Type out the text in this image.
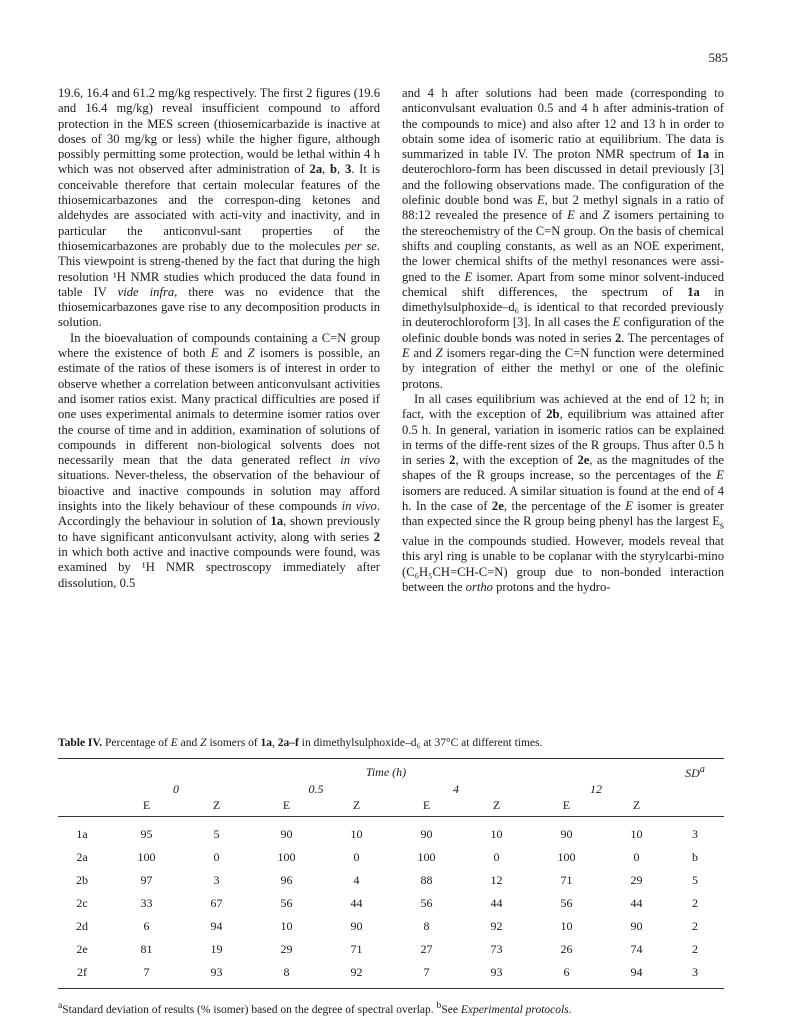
585

19.6, 16.4 and 61.2 mg/kg respectively. The first 2 figures (19.6 and 16.4 mg/kg) reveal insufficient compound to afford protection in the MES screen (thiosemicarbazide is inactive at doses of 30 mg/kg or less) while the higher figure, although possibly permitting some protection, would be lethal within 4 h which was not observed after administration of 2a, b, 3. It is conceivable therefore that certain molecular features of the thiosemicarbazones and the correspon-ding ketones and aldehydes are associated with acti-vity and inactivity, and in particular the anticonvul-sant properties of the thiosemicarbazones are probably due to the molecules per se. This viewpoint is streng-thened by the fact that during the high resolution ¹H NMR studies which produced the data found in table IV vide infra, there was no evidence that the thiosemicarbazones gave rise to any decomposition products in solution.

In the bioevaluation of compounds containing a C=N group where the existence of both E and Z isomers is possible, an estimate of the ratios of these isomers is of interest in order to observe whether a correlation between anticonvulsant activities and isomer ratios exist. Many practical difficulties are posed if one uses experimental animals to determine isomer ratios over the course of time and in addition, examination of solutions of compounds in different non-biological solvents does not necessarily mean that the data generated reflect in vivo situations. Never-theless, the observation of the behaviour of bioactive and inactive compounds in solution may afford insights into the likely behaviour of these compounds in vivo. Accordingly the behaviour in solution of 1a, shown previously to have significant anticonvulsant activity, along with series 2 in which both active and inactive compounds were found, was examined by ¹H NMR spectroscopy immediately after dissolution, 0.5

and 4 h after solutions had been made (corresponding to anticonvulsant evaluation 0.5 and 4 h after adminis-tration of the compounds to mice) and also after 12 and 13 h in order to obtain some idea of isomeric ratio at equilibrium. The data is summarized in table IV. The proton NMR spectrum of 1a in deuterochloro-form has been discussed in detail previously [3] and the following observations made. The configuration of the olefinic double bond was E, but 2 methyl signals in a ratio of 88:12 revealed the presence of E and Z isomers pertaining to the stereochemistry of the C=N group. On the basis of chemical shifts and coupling constants, as well as an NOE experiment, the lower chemical shifts of the methyl resonances were assi-gned to the E isomer. Apart from some minor solvent-induced chemical shift differences, the spectrum of 1a in dimethylsulphoxide–d₆ is identical to that recorded previously in deuterochloroform [3]. In all cases the E configuration of the olefinic double bonds was noted in series 2. The percentages of E and Z isomers regar-ding the C=N function were determined by integration of either the methyl or one of the olefinic protons.

In all cases equilibrium was achieved at the end of 12 h; in fact, with the exception of 2b, equilibrium was attained after 0.5 h. In general, variation in isomeric ratios can be explained in terms of the diffe-rent sizes of the R groups. Thus after 0.5 h in series 2, with the exception of 2e, as the magnitudes of the shapes of the R groups increase, so the percentages of the E isomers are reduced. A similar situation is found at the end of 4 h. In the case of 2e, the percentage of the E isomer is greater than expected since the R group being phenyl has the largest $E_s$ value in the compounds studied. However, models reveal that this aryl ring is unable to be coplanar with the styrylcarbi-mino (C₆H₅CH=CH-C=N) group due to non-bonded interaction between the ortho protons and the hydro-

Table IV. Percentage of E and Z isomers of 1a, 2a–f in dimethylsulphoxide–d₆ at 37°C at different times.

	Time (h)								$SD^a$
	0		0.5		4		12		
	E	Z	E	Z	E	Z	E	Z	
1a	95	5	90	10	90	10	90	10	3
2a	100	0	100	0	100	0	100	0	b
2b	97	3	96	4	88	12	71	29	5
2c	33	67	56	44	56	44	56	44	2
2d	6	94	10	90	8	92	10	90	2
2e	81	19	29	71	27	73	26	74	2
2f	7	93	8	92	7	93	6	94	3

$^a$Standard deviation of results (% isomer) based on the degree of spectral overlap. $^b$See Experimental protocols.
